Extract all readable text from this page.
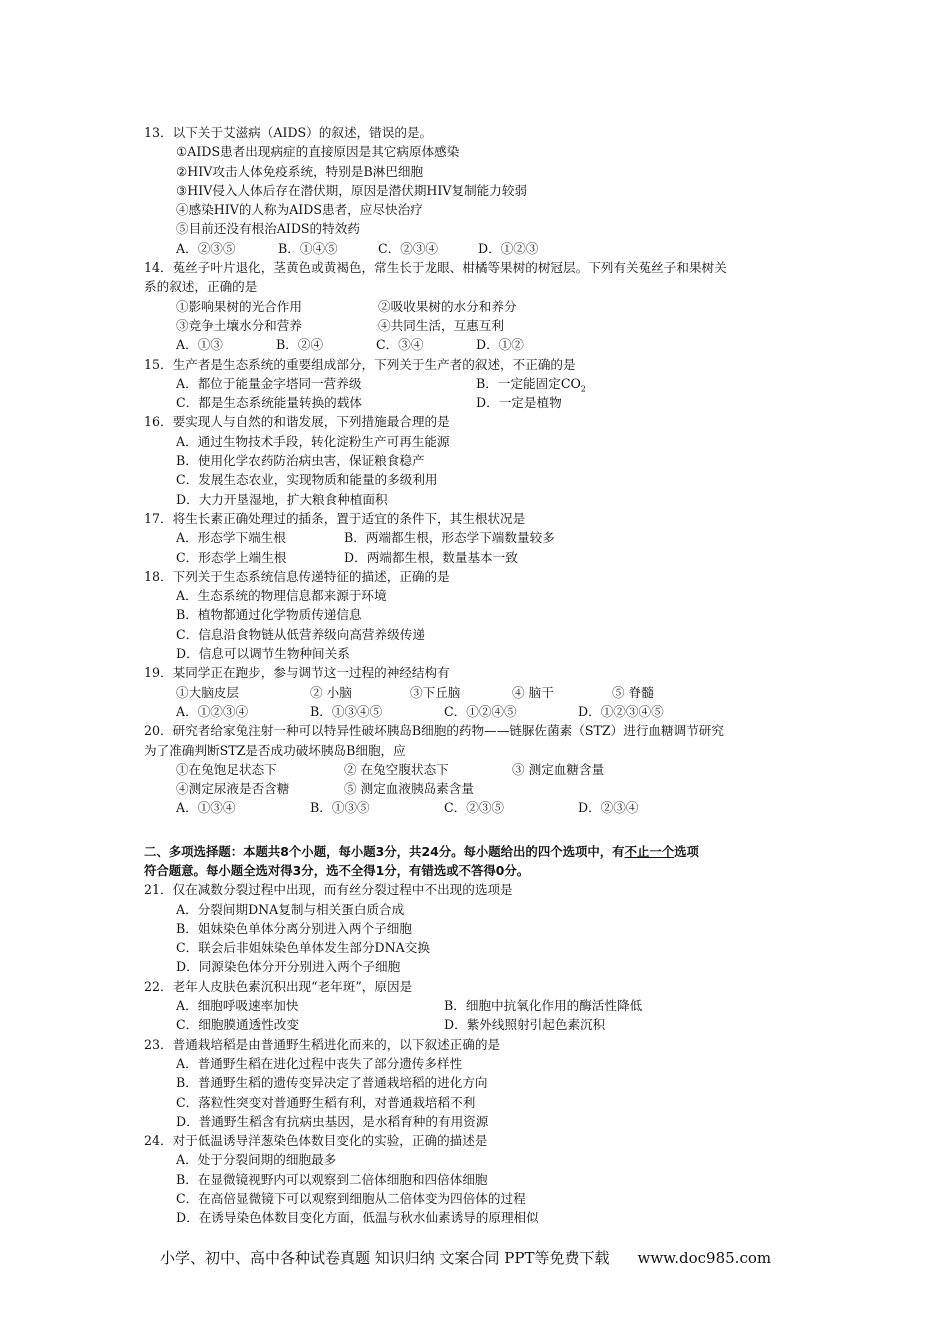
13．以下关于艾滋病（AIDS）的叙述，错误的是。
①AIDS患者出现病症的直接原因是其它病原体感染
②HIV攻击人体免疫系统，特别是B淋巴细胞
③HIV侵入人体后存在潜伏期，原因是潜伏期HIV复制能力较弱
④感染HIV的人称为AIDS患者，应尽快治疗
⑤目前还没有根治AIDS的特效药
A．②③⑤	B．①④⑤	C．②③④	D．①②③
14．菟丝子叶片退化，茎黄色或黄褐色，常生长于龙眼、柑橘等果树的树冠层。下列有关菟丝子和果树关
系的叙述，正确的是
①影响果树的光合作用	②吸收果树的水分和养分
③竞争土壤水分和营养	④共同生活，互惠互利
A．①③	B．②④	C．③④	D．①②
15．生产者是生态系统的重要组成部分，下列关于生产者的叙述，不正确的是
A．都位于能量金字塔同一营养级	B．一定能固定$CO_2$
C．都是生态系统能量转换的载体	D．一定是植物
16．要实现人与自然的和谐发展，下列措施最合理的是
A．通过生物技术手段，转化淀粉生产可再生能源
B．使用化学农药防治病虫害，保证粮食稳产
C．发展生态农业，实现物质和能量的多级利用
D．大力开垦湿地，扩大粮食种植面积
17．将生长素正确处理过的插条，置于适宜的条件下，其生根状况是
A．形态学下端生根	B．两端都生根，形态学下端数量较多
C．形态学上端生根	D．两端都生根，数量基本一致
18．下列关于生态系统信息传递特征的描述，正确的是
A．生态系统的物理信息都来源于环境
B．植物都通过化学物质传递信息
C．信息沿食物链从低营养级向高营养级传递
D．信息可以调节生物种间关系
19．某同学正在跑步，参与调节这一过程的神经结构有
①大脑皮层	② 小脑	③下丘脑	④ 脑干	⑤ 脊髓
A．①②③④	B．①③④⑤	C．①②④⑤	D．①②③④⑤
20．研究者给家兔注射一种可以特异性破坏胰岛B细胞的药物——链脲佐菌素（STZ）进行血糖调节研究
为了准确判断STZ是否成功破坏胰岛B细胞，应
①在兔饱足状态下	② 在兔空腹状态下	③ 测定血糖含量
④测定尿液是否含糖	⑤ 测定血液胰岛素含量
A．①③④	B．①③⑤	C．②③⑤	D．②③④
二、多项选择题：本题共8个小题，每小题3分，共24分。每小题给出的四个选项中，有不止一个选项
符合题意。每小题全选对得3分，选不全得1分，有错选或不答得0分。
21．仅在减数分裂过程中出现，而有丝分裂过程中不出现的选项是
A．分裂间期DNA复制与相关蛋白质合成
B．姐妹染色单体分离分别进入两个子细胞
C．联会后非姐妹染色单体发生部分DNA交换
D．同源染色体分开分别进入两个子细胞
22．老年人皮肤色素沉积出现“老年斑”，原因是
A．细胞呼吸速率加快	B．细胞中抗氧化作用的酶活性降低
C．细胞膜通透性改变	D．紫外线照射引起色素沉积
23．普通栽培稻是由普通野生稻进化而来的，以下叙述正确的是
A．普通野生稻在进化过程中丧失了部分遗传多样性
B．普通野生稻的遗传变异决定了普通栽培稻的进化方向
C．落粒性突变对普通野生稻有利，对普通栽培稻不利
D．普通野生稻含有抗病虫基因，是水稻育种的有用资源
24．对于低温诱导洋葱染色体数目变化的实验，正确的描述是
A．处于分裂间期的细胞最多
B．在显微镜视野内可以观察到二倍体细胞和四倍体细胞
C．在高倍显微镜下可以观察到细胞从二倍体变为四倍体的过程
D．在诱导染色体数目变化方面，低温与秋水仙素诱导的原理相似
小学、初中、高中各种试卷真题 知识归纳 文案合同 PPT等免费下载 www.doc985.com
